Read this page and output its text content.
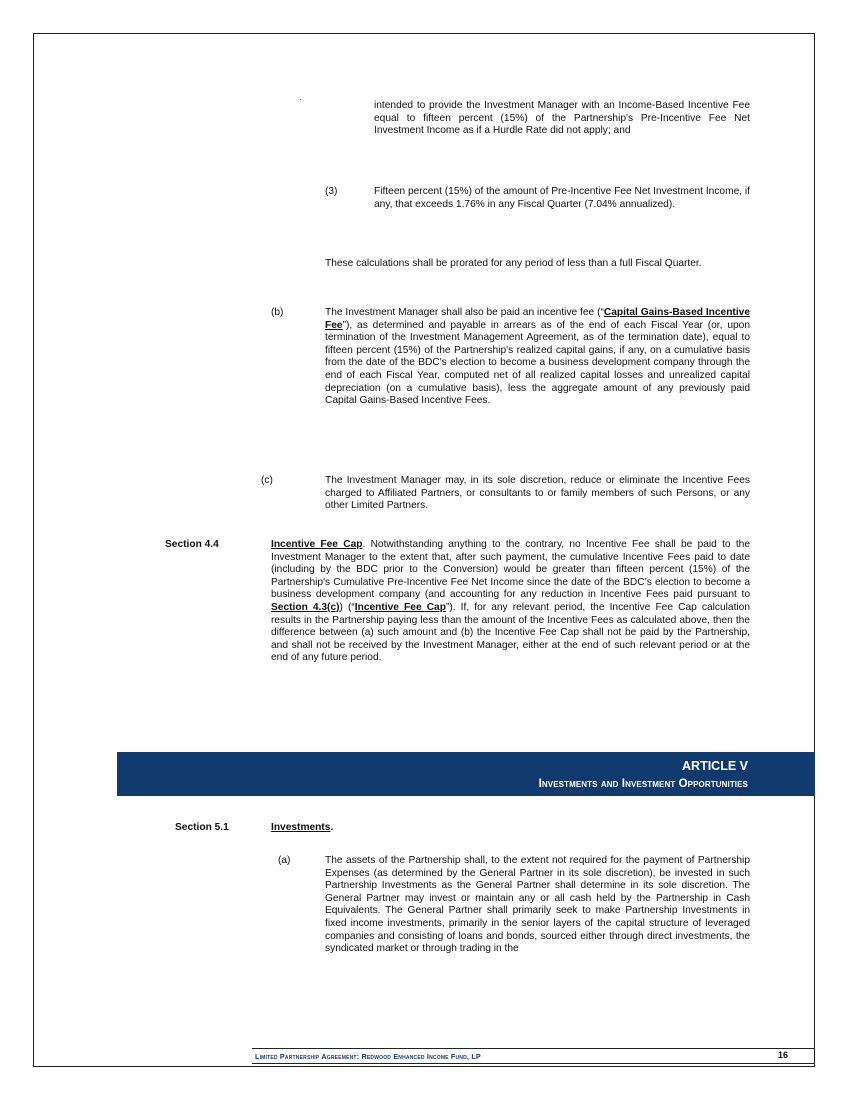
intended to provide the Investment Manager with an Income-Based Incentive Fee equal to fifteen percent (15%) of the Partnership's Pre-Incentive Fee Net Investment Income as if a Hurdle Rate did not apply; and
(3)	Fifteen percent (15%) of the amount of Pre-Incentive Fee Net Investment Income, if any, that exceeds 1.76% in any Fiscal Quarter (7.04% annualized).
These calculations shall be prorated for any period of less than a full Fiscal Quarter.
(b)	The Investment Manager shall also be paid an incentive fee (“Capital Gains-Based Incentive Fee”), as determined and payable in arrears as of the end of each Fiscal Year (or, upon termination of the Investment Management Agreement, as of the termination date), equal to fifteen percent (15%) of the Partnership's realized capital gains, if any, on a cumulative basis from the date of the BDC's election to become a business development company through the end of each Fiscal Year, computed net of all realized capital losses and unrealized capital depreciation (on a cumulative basis), less the aggregate amount of any previously paid Capital Gains-Based Incentive Fees.
(c)	The Investment Manager may, in its sole discretion, reduce or eliminate the Incentive Fees charged to Affiliated Partners, or consultants to or family members of such Persons, or any other Limited Partners.
Section 4.4	Incentive Fee Cap. Notwithstanding anything to the contrary, no Incentive Fee shall be paid to the Investment Manager to the extent that, after such payment, the cumulative Incentive Fees paid to date (including by the BDC prior to the Conversion) would be greater than fifteen percent (15%) of the Partnership's Cumulative Pre-Incentive Fee Net Income since the date of the BDC’s election to become a business development company (and accounting for any reduction in Incentive Fees paid pursuant to Section 4.3(c)) (“Incentive Fee Cap”). If, for any relevant period, the Incentive Fee Cap calculation results in the Partnership paying less than the amount of the Incentive Fees as calculated above, then the difference between (a) such amount and (b) the Incentive Fee Cap shall not be paid by the Partnership, and shall not be received by the Investment Manager, either at the end of such relevant period or at the end of any future period.
ARTICLE V
Investments and Investment Opportunities
Section 5.1	Investments.
(a)	The assets of the Partnership shall, to the extent not required for the payment of Partnership Expenses (as determined by the General Partner in its sole discretion), be invested in such Partnership Investments as the General Partner shall determine in its sole discretion. The General Partner may invest or maintain any or all cash held by the Partnership in Cash Equivalents. The General Partner shall primarily seek to make Partnership Investments in fixed income investments, primarily in the senior layers of the capital structure of leveraged companies and consisting of loans and bonds, sourced either through direct investments, the syndicated market or through trading in the
Limited Partnership Agreement: Redwood Enhanced Income Fund, LP	16
